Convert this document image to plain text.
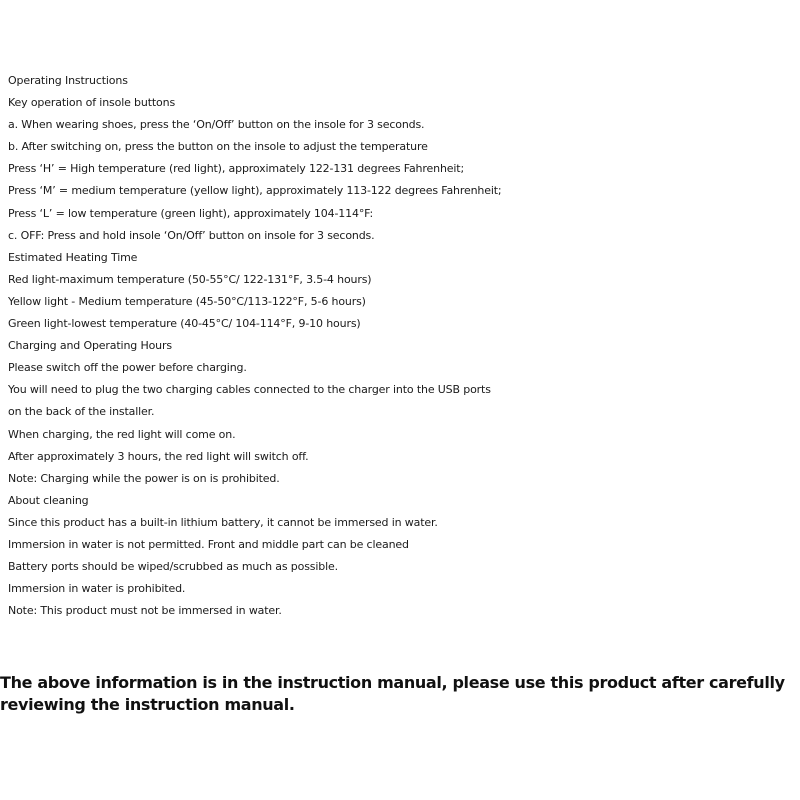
Operating Instructions
Key operation of insole buttons
a. When wearing shoes, press the ‘On/Off’ button on the insole for 3 seconds.
b. After switching on, press the button on the insole to adjust the temperature
Press ‘H’ = High temperature (red light), approximately 122-131 degrees Fahrenheit;
Press ‘M’ = medium temperature (yellow light), approximately 113-122 degrees Fahrenheit;
Press ‘L’ = low temperature (green light), approximately 104-114°F:
c. OFF: Press and hold insole ‘On/Off’ button on insole for 3 seconds.
Estimated Heating Time
Red light-maximum temperature (50-55°C/ 122-131°F, 3.5-4 hours)
Yellow light - Medium temperature (45-50°C/113-122°F, 5-6 hours)
Green light-lowest temperature (40-45°C/ 104-114°F, 9-10 hours)
Charging and Operating Hours
Please switch off the power before charging.
You will need to plug the two charging cables connected to the charger into the USB ports
on the back of the installer.
When charging, the red light will come on.
After approximately 3 hours, the red light will switch off.
Note: Charging while the power is on is prohibited.
About cleaning
Since this product has a built-in lithium battery, it cannot be immersed in water.
Immersion in water is not permitted. Front and middle part can be cleaned
Battery ports should be wiped/scrubbed as much as possible.
Immersion in water is prohibited.
Note: This product must not be immersed in water.
The above information is in the instruction manual, please use this product after carefully reviewing the instruction manual.
